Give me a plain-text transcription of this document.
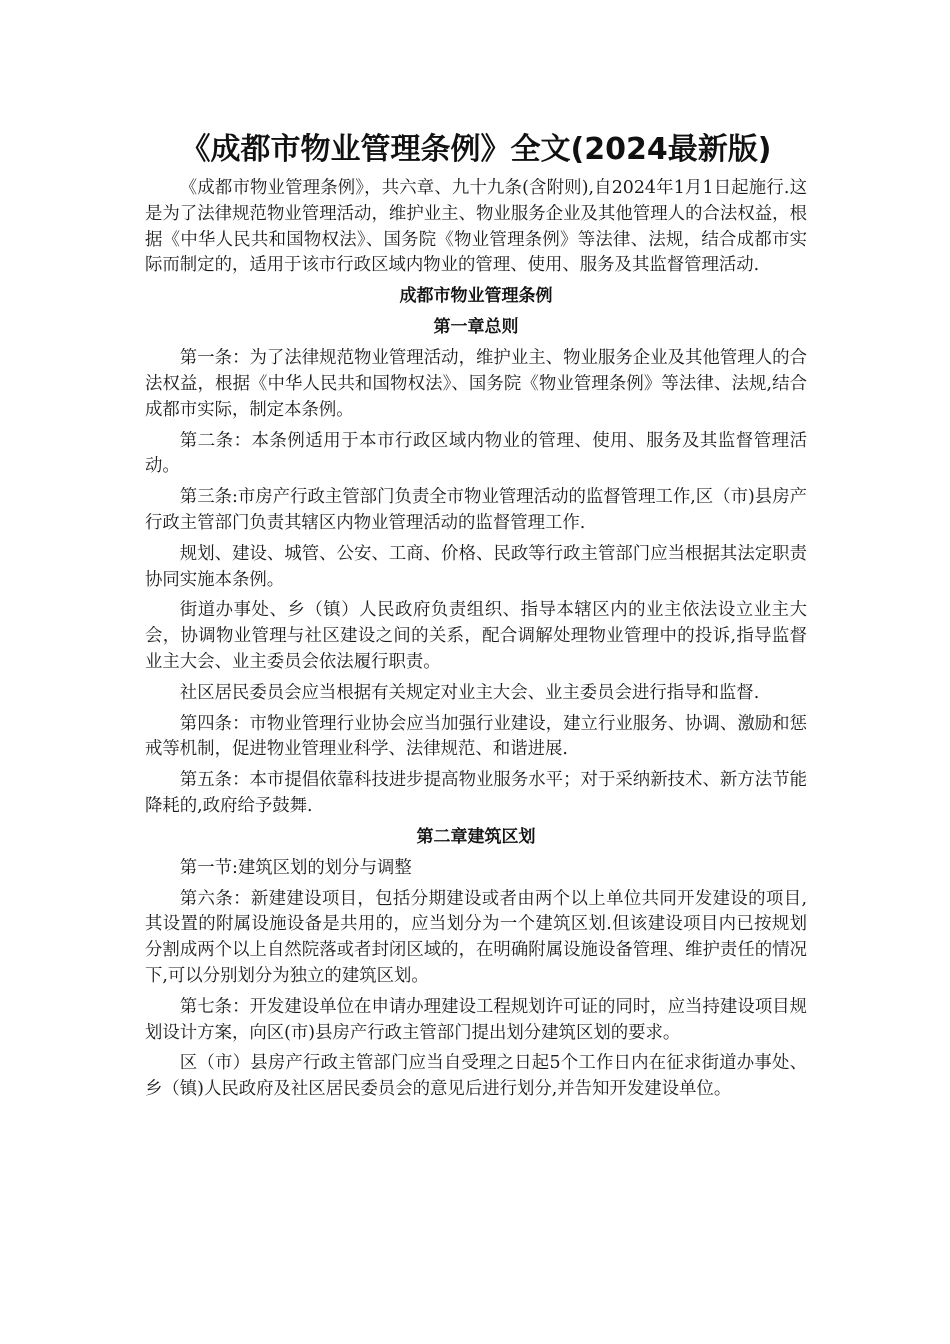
《成都市物业管理条例》全文(2024最新版)

《成都市物业管理条例》，共六章、九十九条(含附则),自2024年1月1日起施行.这是为了法律规范物业管理活动，维护业主、物业服务企业及其他管理人的合法权益，根据《中华人民共和国物权法》、国务院《物业管理条例》等法律、法规，结合成都市实际而制定的，适用于该市行政区域内物业的管理、使用、服务及其监督管理活动.

成都市物业管理条例
第一章总则

第一条：为了法律规范物业管理活动，维护业主、物业服务企业及其他管理人的合法权益，根据《中华人民共和国物权法》、国务院《物业管理条例》等法律、法规,结合成都市实际，制定本条例。

第二条：本条例适用于本市行政区域内物业的管理、使用、服务及其监督管理活动。

第三条:市房产行政主管部门负责全市物业管理活动的监督管理工作,区（市)县房产行政主管部门负责其辖区内物业管理活动的监督管理工作.

规划、建设、城管、公安、工商、价格、民政等行政主管部门应当根据其法定职责协同实施本条例。

街道办事处、乡（镇）人民政府负责组织、指导本辖区内的业主依法设立业主大会，协调物业管理与社区建设之间的关系，配合调解处理物业管理中的投诉,指导监督业主大会、业主委员会依法履行职责。

社区居民委员会应当根据有关规定对业主大会、业主委员会进行指导和监督.

第四条：市物业管理行业协会应当加强行业建设，建立行业服务、协调、激励和惩戒等机制，促进物业管理业科学、法律规范、和谐进展.

第五条：本市提倡依靠科技进步提高物业服务水平；对于采纳新技术、新方法节能降耗的,政府给予鼓舞.

第二章建筑区划

第一节:建筑区划的划分与调整

第六条：新建建设项目，包括分期建设或者由两个以上单位共同开发建设的项目,其设置的附属设施设备是共用的，应当划分为一个建筑区划.但该建设项目内已按规划分割成两个以上自然院落或者封闭区域的，在明确附属设施设备管理、维护责任的情况下,可以分别划分为独立的建筑区划。

第七条：开发建设单位在申请办理建设工程规划许可证的同时，应当持建设项目规划设计方案，向区(市)县房产行政主管部门提出划分建筑区划的要求。

区（市）县房产行政主管部门应当自受理之日起5个工作日内在征求街道办事处、乡（镇)人民政府及社区居民委员会的意见后进行划分,并告知开发建设单位。
